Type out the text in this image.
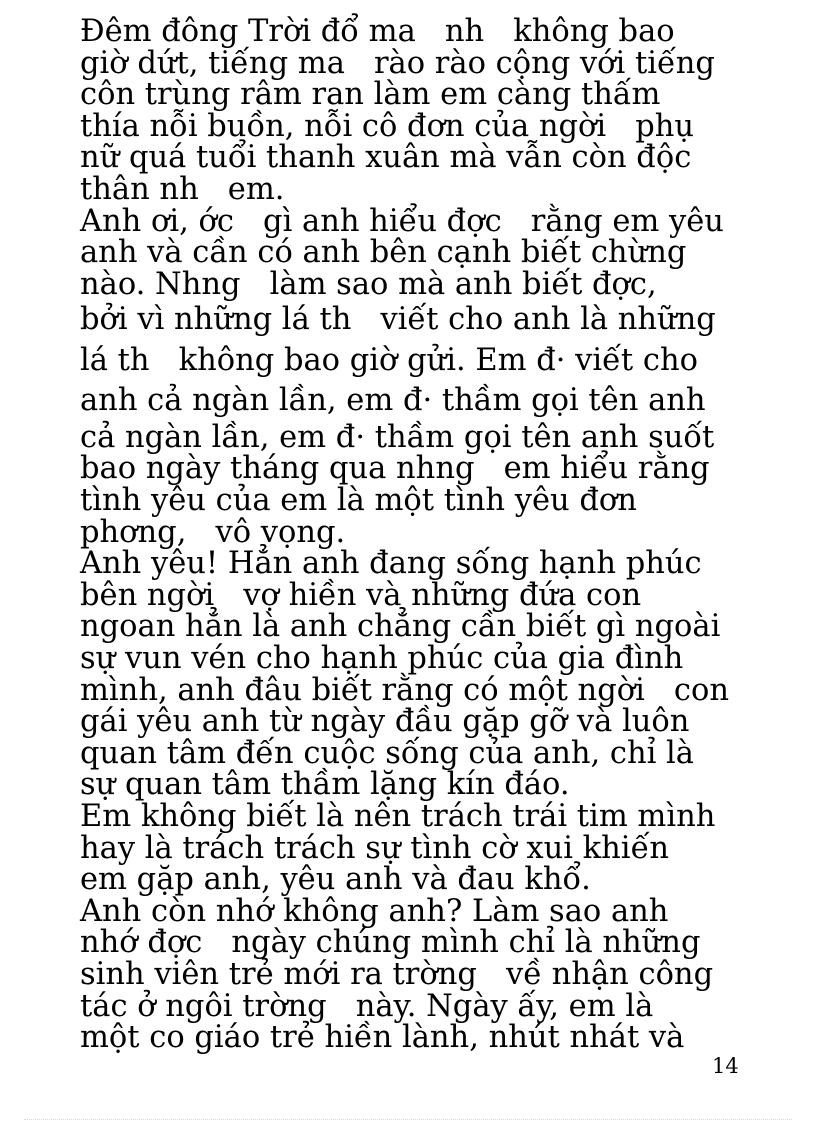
Đêm đông Trời đổ ma   nh   không bao
giờ dứt, tiếng ma   rào rào cộng với tiếng
côn trùng râm ran làm em càng thấm
thía nỗi buồn, nỗi cô đơn của ngời   phụ
nữ quá tuổi thanh xuân mà vẫn còn độc
thân nh   em.
Anh ơi, ớc   gì anh hiểu đợc   rằng em yêu
anh và cần có anh bên cạnh biết chừng
nào. Nhng   làm sao mà anh biết đợc,
bởi vì những lá th   viết cho anh là những
lá th   không bao giờ gửi. Em đ· viết cho
anh cả ngàn lần, em đ· thầm gọi tên anh
cả ngàn lần, em đ· thầm gọi tên anh suốt
bao ngày tháng qua nhng   em hiểu rằng
tình yêu của em là một tình yêu đơn
phơng,   vô vọng.
Anh yêu! Hẳn anh đang sống hạnh phúc
bên ngời   vợ hiền và những đứa con
ngoan hẳn là anh chẳng cần biết gì ngoài
sự vun vén cho hạnh phúc của gia đình
mình, anh đâu biết rằng có một ngời   con
gái yêu anh từ ngày đầu gặp gỡ và luôn
quan tâm đến cuộc sống của anh, chỉ là
sự quan tâm thầm lặng kín đáo.
Em không biết là nên trách trái tim mình
hay là trách trách sự tình cờ xui khiến
em gặp anh, yêu anh và đau khổ.
Anh còn nhớ không anh? Làm sao anh
nhớ đợc   ngày chúng mình chỉ là những
sinh viên trẻ mới ra trờng   về nhận công
tác ở ngôi trờng   này. Ngày ấy, em là
một co giáo trẻ hiền lành, nhút nhát và
14
